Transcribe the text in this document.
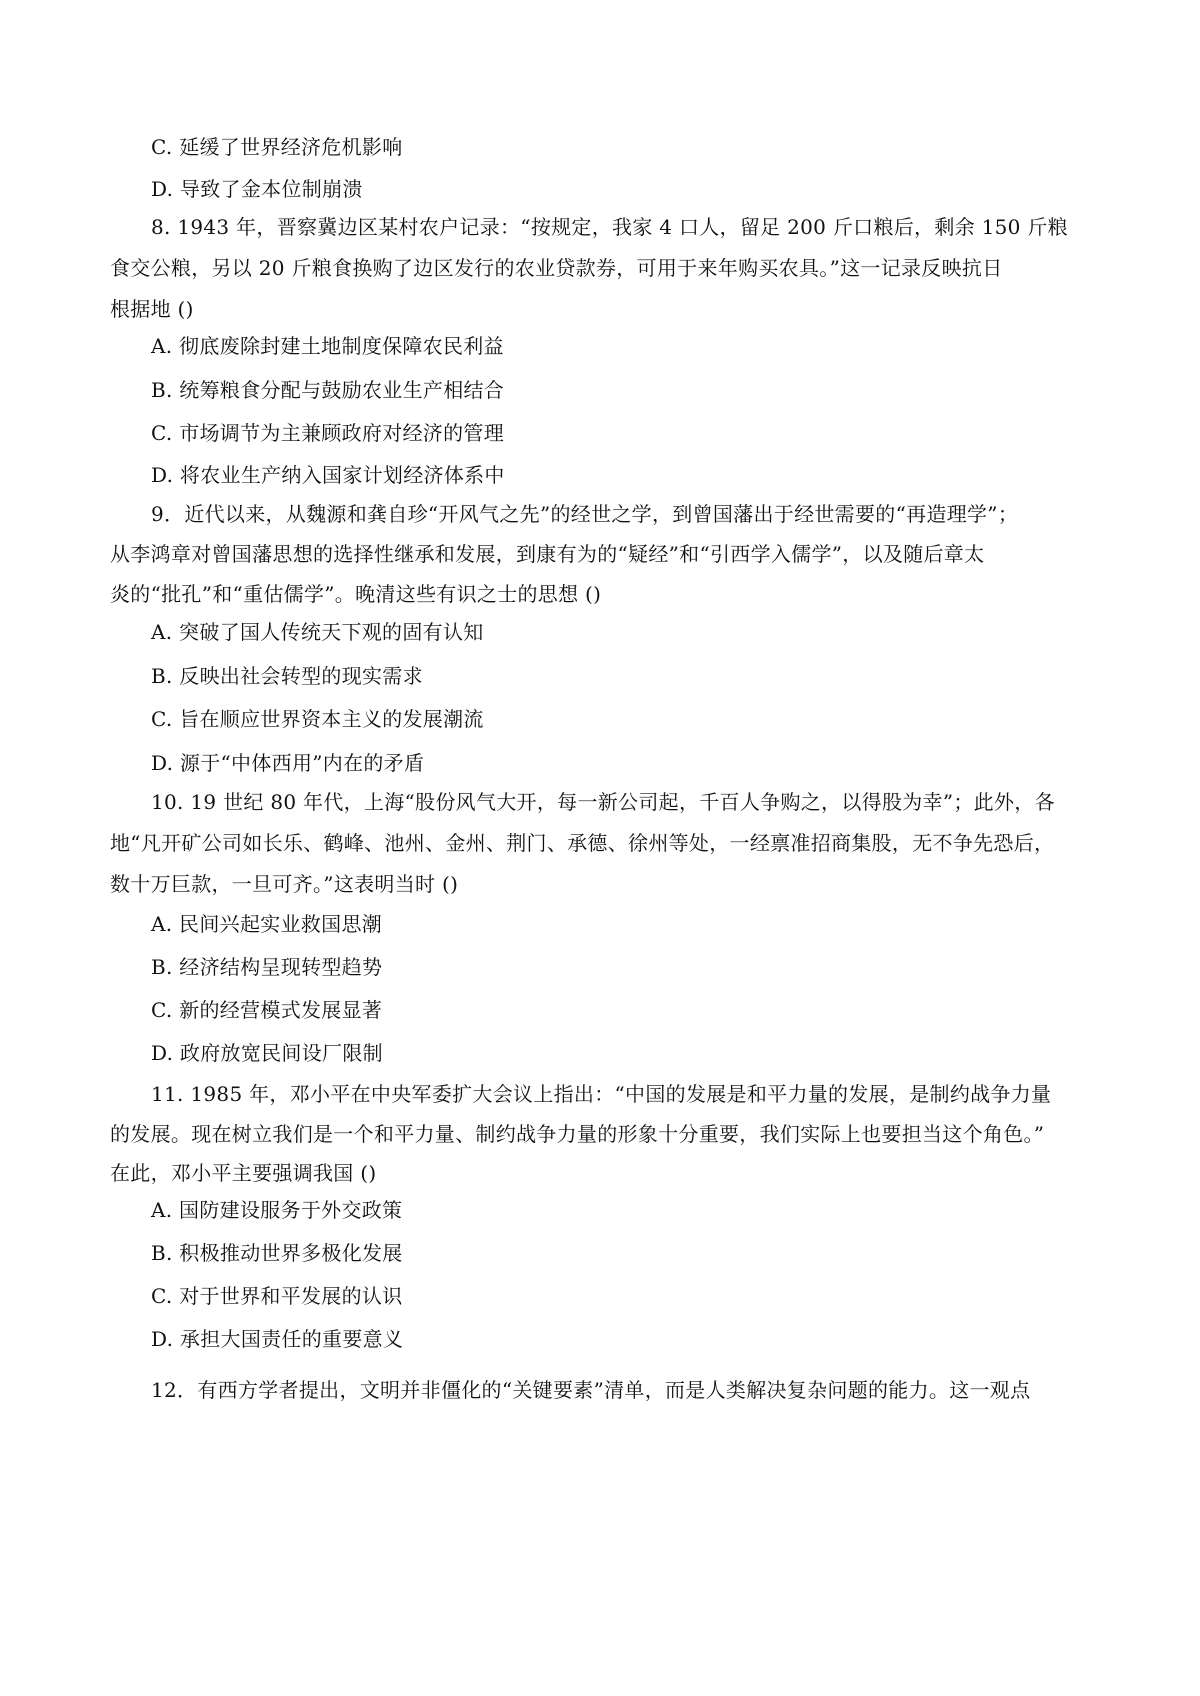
C. 延缓了世界经济危机影响
D. 导致了金本位制崩溃
8. 1943 年，晋察冀边区某村农户记录：“按规定，我家 4 口人，留足 200 斤口粮后，剩余 150 斤粮
食交公粮，另以 20 斤粮食换购了边区发行的农业贷款券，可用于来年购买农具。”这一记录反映抗日
根据地 ()
A. 彻底废除封建土地制度保障农民利益
B. 统筹粮食分配与鼓励农业生产相结合
C. 市场调节为主兼顾政府对经济的管理
D. 将农业生产纳入国家计划经济体系中
9．近代以来，从魏源和龚自珍“开风气之先”的经世之学，到曾国藩出于经世需要的“再造理学”；
从李鸿章对曾国藩思想的选择性继承和发展，到康有为的“疑经”和“引西学入儒学”，以及随后章太
炎的“批孔”和“重估儒学”。晚清这些有识之士的思想 ()
A. 突破了国人传统天下观的固有认知
B. 反映出社会转型的现实需求
C. 旨在顺应世界资本主义的发展潮流
D. 源于“中体西用”内在的矛盾
10. 19 世纪 80 年代，上海“股份风气大开，每一新公司起，千百人争购之，以得股为幸”；此外，各
地“凡开矿公司如长乐、鹤峰、池州、金州、荆门、承德、徐州等处，一经禀准招商集股，无不争先恐后，
数十万巨款，一旦可齐。”这表明当时 ()
A. 民间兴起实业救国思潮
B. 经济结构呈现转型趋势
C. 新的经营模式发展显著
D. 政府放宽民间设厂限制
11. 1985 年，邓小平在中央军委扩大会议上指出：“中国的发展是和平力量的发展，是制约战争力量
的发展。现在树立我们是一个和平力量、制约战争力量的形象十分重要，我们实际上也要担当这个角色。”
在此，邓小平主要强调我国 ()
A. 国防建设服务于外交政策
B. 积极推动世界多极化发展
C. 对于世界和平发展的认识
D. 承担大国责任的重要意义
12．有西方学者提出，文明并非僵化的“关键要素”清单，而是人类解决复杂问题的能力。这一观点
